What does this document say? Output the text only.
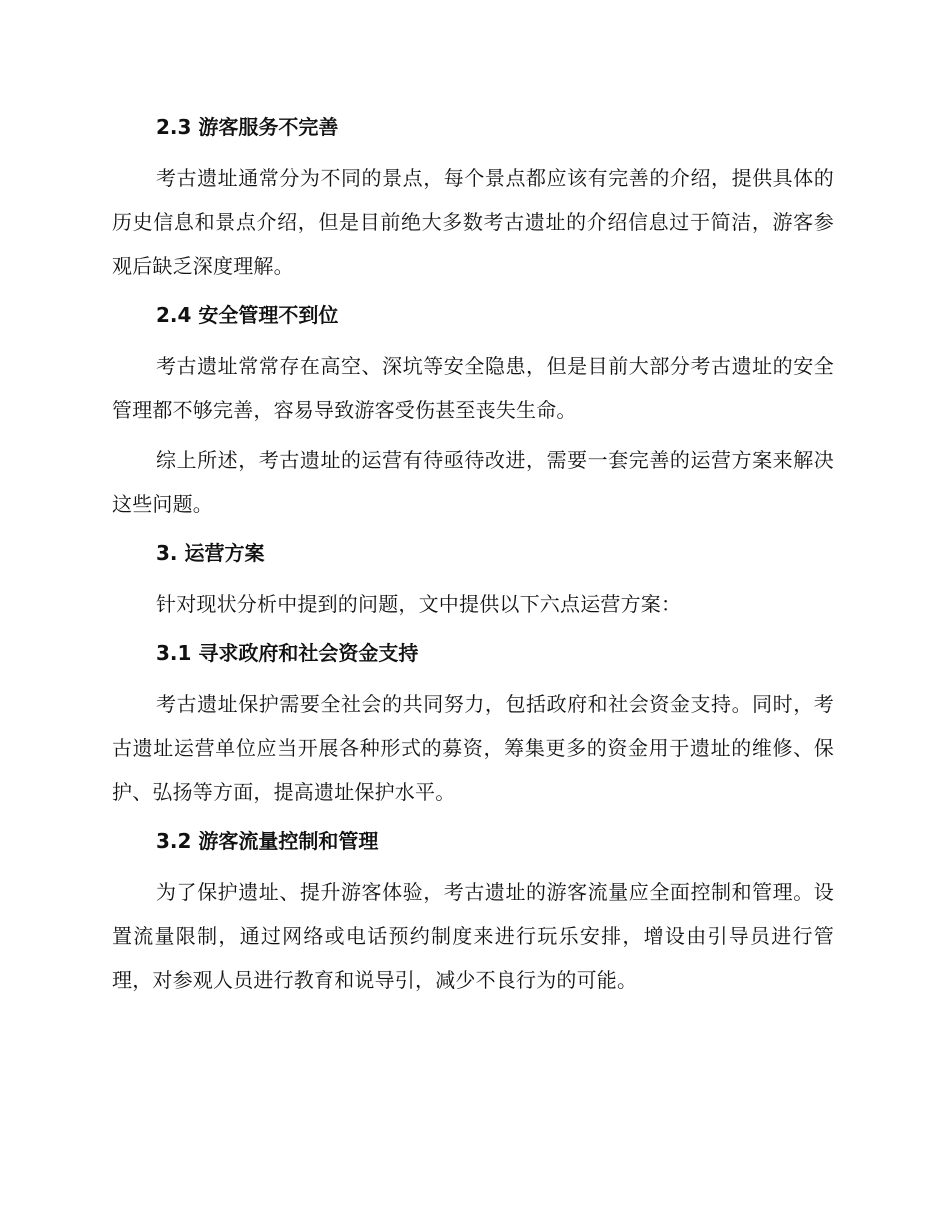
2.3 游客服务不完善

考古遗址通常分为不同的景点，每个景点都应该有完善的介绍，提供具体的历史信息和景点介绍，但是目前绝大多数考古遗址的介绍信息过于简洁，游客参观后缺乏深度理解。

2.4 安全管理不到位

考古遗址常常存在高空、深坑等安全隐患，但是目前大部分考古遗址的安全管理都不够完善，容易导致游客受伤甚至丧失生命。

综上所述，考古遗址的运营有待亟待改进，需要一套完善的运营方案来解决这些问题。

3. 运营方案

针对现状分析中提到的问题，文中提供以下六点运营方案：

3.1 寻求政府和社会资金支持

考古遗址保护需要全社会的共同努力，包括政府和社会资金支持。同时，考古遗址运营单位应当开展各种形式的募资，筹集更多的资金用于遗址的维修、保护、弘扬等方面，提高遗址保护水平。

3.2 游客流量控制和管理

为了保护遗址、提升游客体验，考古遗址的游客流量应全面控制和管理。设置流量限制，通过网络或电话预约制度来进行玩乐安排，增设由引导员进行管理，对参观人员进行教育和说导引，减少不良行为的可能。
